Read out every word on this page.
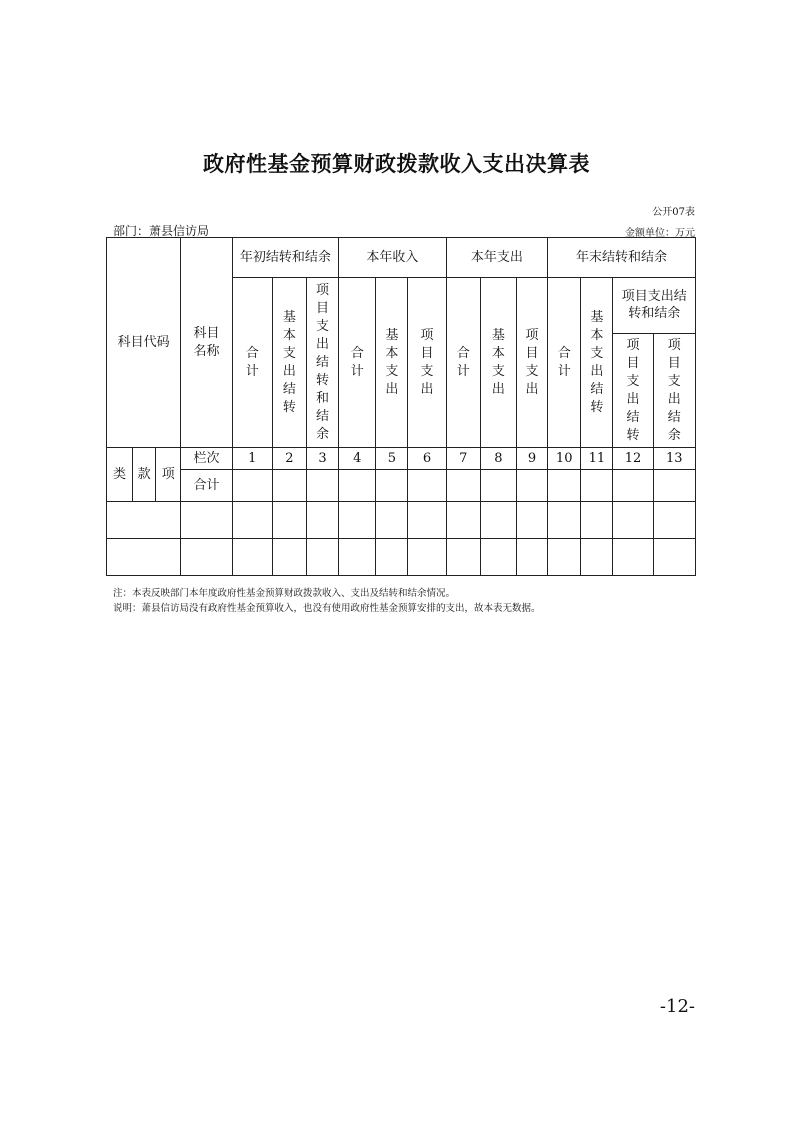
政府性基金预算财政拨款收入支出决算表
公开07表
部门：萧县信访局	金额单位：万元
科目代码			科目名称	年初结转和结余			本年收入			本年支出			年末结转和结余			
				合计	基本支出结转	项目支出结转和结余	合计	基本支出	项目支出	合计	基本支出	项目支出	合计	基本支出结转	项目支出结转和结余	
															项目支出结转	项目支出结余
类	款	项	栏次	1	2	3	4	5	6	7	8	9	10	11	12	13
			合计													

注：本表反映部门本年度政府性基金预算财政拨款收入、支出及结转和结余情况。
说明：萧县信访局没有政府性基金预算收入，也没有使用政府性基金预算安排的支出，故本表无数据。
-12-
